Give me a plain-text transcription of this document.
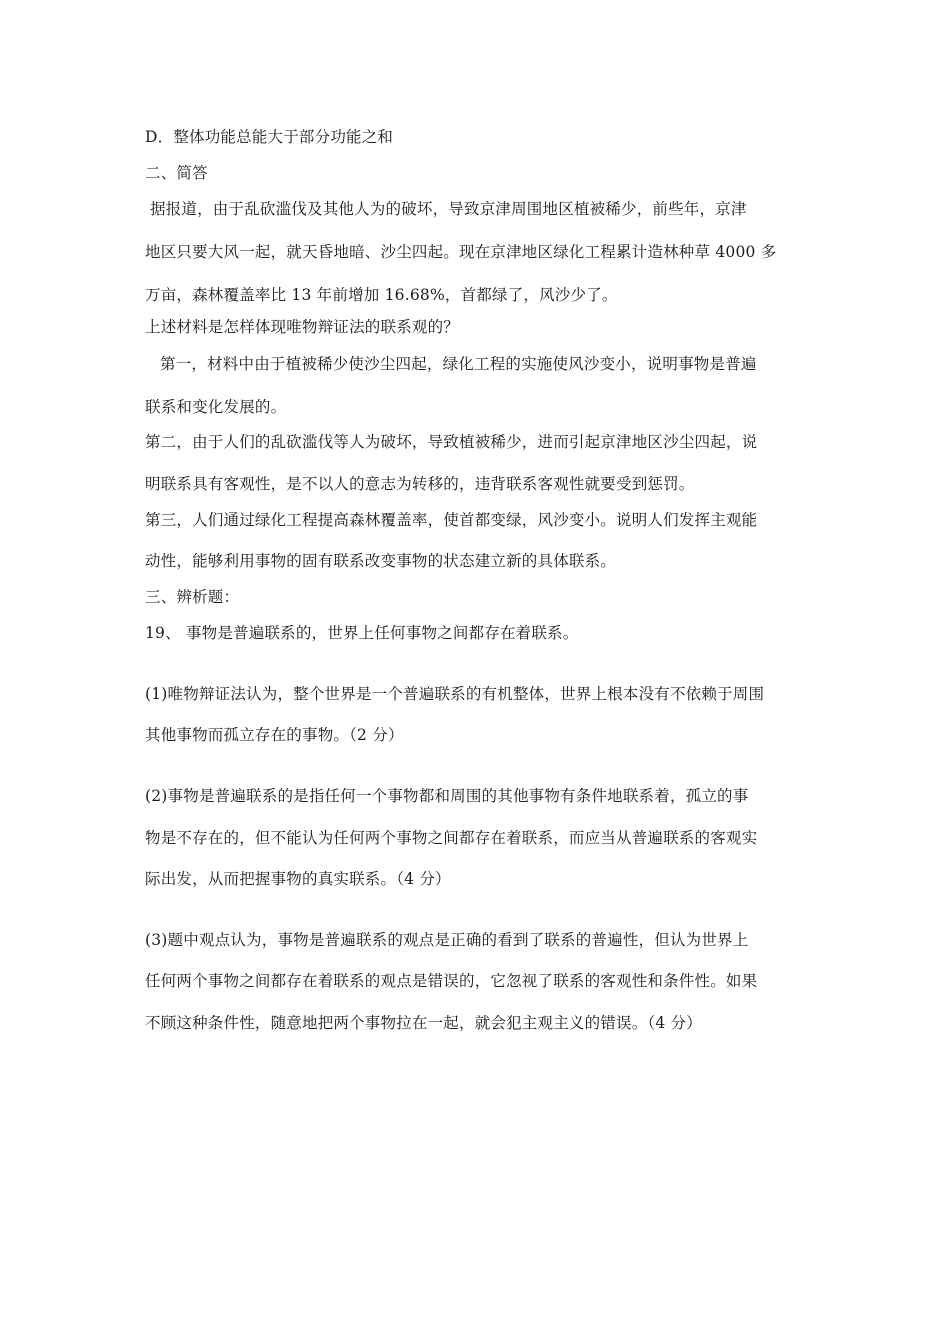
D．整体功能总能大于部分功能之和
二、简答
据报道，由于乱砍滥伐及其他人为的破坏，导致京津周围地区植被稀少，前些年，京津
地区只要大风一起，就天昏地暗、沙尘四起。现在京津地区绿化工程累计造林种草 4000 多
万亩，森林覆盖率比 13 年前增加 16.68%，首都绿了，风沙少了。
上述材料是怎样体现唯物辩证法的联系观的？
第一，材料中由于植被稀少使沙尘四起，绿化工程的实施使风沙变小，说明事物是普遍
联系和变化发展的。
第二，由于人们的乱砍滥伐等人为破坏，导致植被稀少，进而引起京津地区沙尘四起，说
明联系具有客观性，是不以人的意志为转移的，违背联系客观性就要受到惩罚。
第三，人们通过绿化工程提高森林覆盖率，使首都变绿，风沙变小。说明人们发挥主观能
动性，能够利用事物的固有联系改变事物的状态建立新的具体联系。
三、辨析题：
19、 事物是普遍联系的，世界上任何事物之间都存在着联系。
(1)唯物辩证法认为，整个世界是一个普遍联系的有机整体，世界上根本没有不依赖于周围
其他事物而孤立存在的事物。（2 分）
(2)事物是普遍联系的是指任何一个事物都和周围的其他事物有条件地联系着，孤立的事
物是不存在的，但不能认为任何两个事物之间都存在着联系，而应当从普遍联系的客观实
际出发，从而把握事物的真实联系。（4 分）
(3)题中观点认为，事物是普遍联系的观点是正确的看到了联系的普遍性，但认为世界上
任何两个事物之间都存在着联系的观点是错误的，它忽视了联系的客观性和条件性。如果
不顾这种条件性，随意地把两个事物拉在一起，就会犯主观主义的错误。（4 分）
